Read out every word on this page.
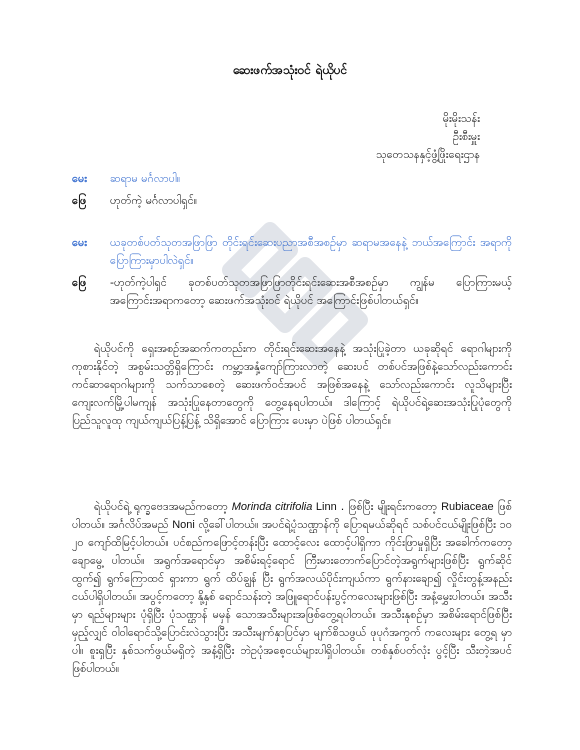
ဆေးဖက်အသုံးဝင် ရဲယိုပင်
မိုးမိုးသန်း
ဦးစီးမှူး
သုတေသနနှင့်ဖွံ့ဖြိုးရေးဌာန
မေး	ဆရာမ မင်္ဂလာပါ။
ဖြေ	ဟုတ်ကဲ့ မင်္ဂလာပါရှင်။
မေး	ယခုတစ်ပတ်သုတအဖြာဖြာ တိုင်းရင်းဆေးပညာအစီအစဉ်မှာ ဆရာမအနေနဲ့ ဘယ်အကြောင်း အရာကိုပြောကြားမှာပါလဲရှင်။
ဖြေ	-ဟုတ်ကဲ့ပါရှင် ခုတစ်ပတ်သုတအဖြာဖြာတိုင်းရင်းဆေးအစီအစဉ်မှာ ကျွန်မ ပြောကြားမယ့် အကြောင်းအရာကတော့ ဆေးဖက်အသုံးဝင် ရဲယိုပင် အကြောင်းဖြစ်ပါတယ်ရှင်။
ရဲယိုပင်ကို ရှေးအစဉ်အဆက်ကတည်းက တိုင်းရင်းဆေးအနေနဲ့ အသုံးပြုခဲ့တာ ယခုဆိုရင် ရောဂါများကို ကုစားနိုင်တဲ့ အစွမ်းသတ္တိရှိကြောင်း ကမ္ဘာ့အနှံ့ကျော်ကြားလာတဲ့ ဆေးပင် တစ်ပင်အဖြစ်နဲ့သော်လည်းကောင်း ကင်ဆာရောဂါများကို သက်သာစေတဲ့ ဆေးဖက်ဝင်အပင် အဖြစ်အနေနဲ့ သော်လည်းကောင်း လူသိများပြီး ကျေးလက်မြို့ပါမကျန် အသုံးပြုနေတာတွေကို တွေ့နေရပါတယ်။ ဒါကြောင့် ရဲယိုပင်ရဲ့ဆေးအသုံးပြုပုံတွေကို ပြည်သူလူထု ကျယ်ကျယ်ပြန့်ပြန့် သိရှိအောင် ပြောကြား ပေးမှာ ပဲဖြစ် ပါတယ်ရှင်။
ရဲယိုပင်ရဲ့ ရုက္ခဗေဒအမည်ကတော့ Morinda citrifolia Linn . ဖြစ်ပြီး မျိုးရင်းကတော့ Rubiaceae ဖြစ်ပါတယ်။ အင်္ဂလိပ်အမည် Noni လို့ခေါ်ပါတယ်။ အပင်ရဲ့ပုံသဏ္ဌာန်ကို ပြောရမယ်ဆိုရင် သစ်ပင်ငယ်မျိုးဖြစ်ပြီး ၁၀ ၂၀ ကျော်ထိမြင့်ပါတယ်။ ပင်စည်ကဖြောင့်တန်းပြီး ထောင့်လေး ထောင့်ပါရှိကာ ကိုင်းဖြာမှုရှိပြီး အခေါက်ကတော့ချောမွေ့ ပါတယ်။ အရွက်အရောင်မှာ အစိမ်းရင့်ရောင် ကြီးမားတောက်ပြောင်တဲ့အရွက်များဖြစ်ပြီး ရွက်ဆိုင်ထွက်၍ ရွက်ကြောထင် ရှားကာ ရွက် ထိပ်ချွန် ပြီး ရွက်အလယ်ပိုင်းကျယ်ကာ ရွက်နားချော၍ လှိုင်းတွန့်အနည်း ငယ်ပါရှိပါတယ်။ အပွင့်ကတော့ နို့နှစ် ရောင်သန်းတဲ့ အဖြူရောင်ပန်းပွင့်ကလေးများဖြစ်ပြီး အနံ့မွှေးပါတယ်။ အသီးမှာ ရည်များများ ပုံရှိပြီး ပုံသဏ္ဌာန် မမှန် သောအသီးများအဖြစ်တွေ့ရပါတယ်။ အသီးနုစဉ်မှာ အစိမ်းရောင်ဖြစ်ပြီး မှည့်လျှင် ဝါဝါရောင်သို့ပြောင်းလဲသွားပြီး အသီးမျက်နှာပြင်မှာ မျက်စိသဖွယ် ဖုပုဂံအကွက် ကလေးများ တွေ့ရ မှာပါ။ စူးရှပြီး နှစ်သက်ဖွယ်မရှိတဲ့ အနံ့ရှိပြီး ဘဲဥပုံအစေ့ငယ်များပါရှိပါတယ်။ တစ်နှစ်ပတ်လုံး ပွင့်ပြီး သီးတဲ့အပင် ဖြစ်ပါတယ်။
